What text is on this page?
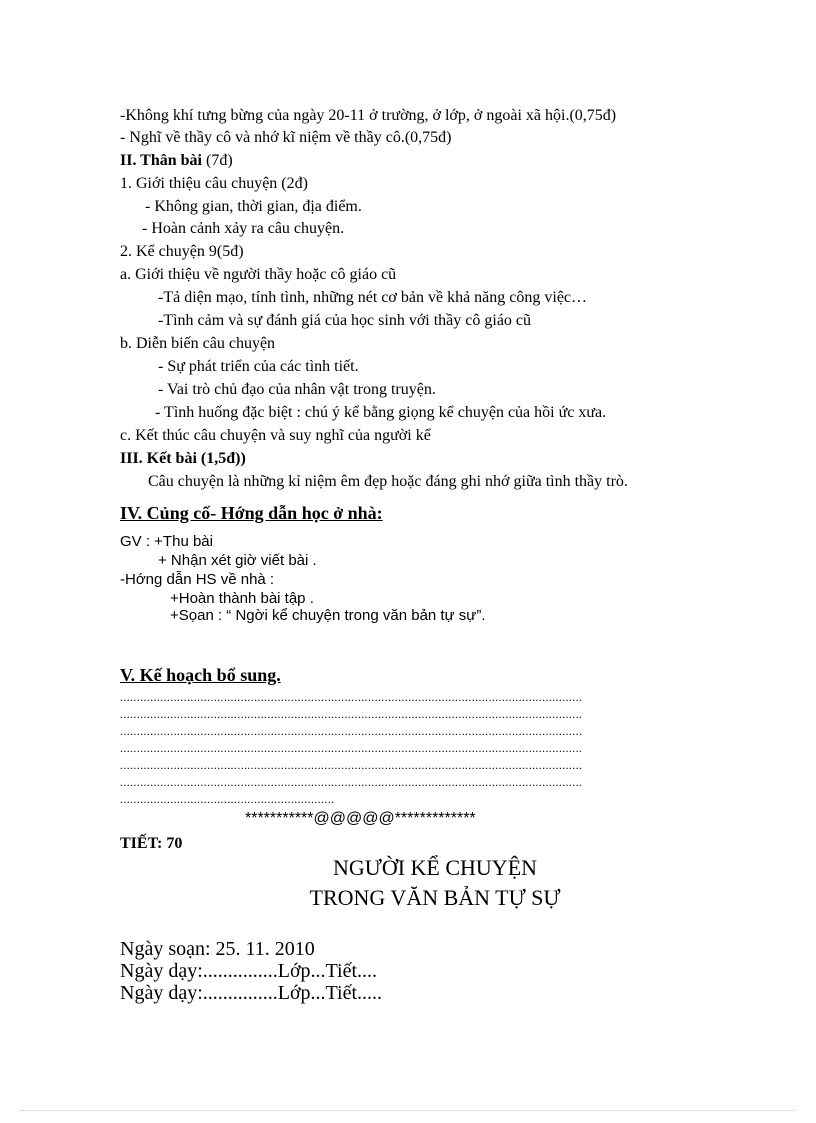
-Không khí tưng bừng của ngày 20-11 ở trường, ở lớp, ở ngoài xã hội.(0,75đ)
- Nghĩ về thầy cô và nhớ kĩ niệm về thầy cô.(0,75đ)
II. Thân bài (7đ)
1. Giới thiệu câu chuyện (2đ)
- Không gian, thời gian, địa điểm.
- Hoàn cảnh xảy ra câu chuyện.
2. Kể chuyện 9(5đ)
a. Giới thiệu về người thầy hoặc cô giáo cũ
-Tả diện mạo, tính tình, những nét cơ bản về khả năng công việc…
-Tình cảm và sự đánh giá của học sinh với thầy cô giáo cũ
b. Diễn biến câu chuyện
- Sự phát triển của các tình tiết.
- Vai trò chủ đạo của nhân vật trong truyện.
- Tình huống đặc biệt : chú ý kể bằng giọng kể chuyện của hồi ức xưa.
c. Kết thúc câu chuyện và suy nghĩ của người kể
III. Kết bài (1,5đ))
Câu chuyện là những kỉ niệm êm đẹp hoặc đáng ghi nhớ giữa tình thầy trò.
IV. Củng cố- Hớng dẫn học ở nhà:
GV : +Thu bài
+ Nhận xét giờ viết bài .
-Hớng dẫn HS về nhà :
+Hoàn thành bài tập .
+Sọan : “ Ngời kể chuyện trong văn bản tự sự”.
V. Kế hoạch bổ sung.
..........................................................................................................................................
..........................................................................................................................................
..........................................................................................................................................
..........................................................................................................................................
..........................................................................................................................................
..........................................................................................................................................
................................................................
***********@@@@@*************
TIẾT: 70
NGƯỜI KỂ CHUYỆN
TRONG VĂN BẢN TỰ SỰ
Ngày soạn: 25. 11. 2010
Ngày dạy:...............Lớp...Tiết....
Ngày dạy:...............Lớp...Tiết.....
